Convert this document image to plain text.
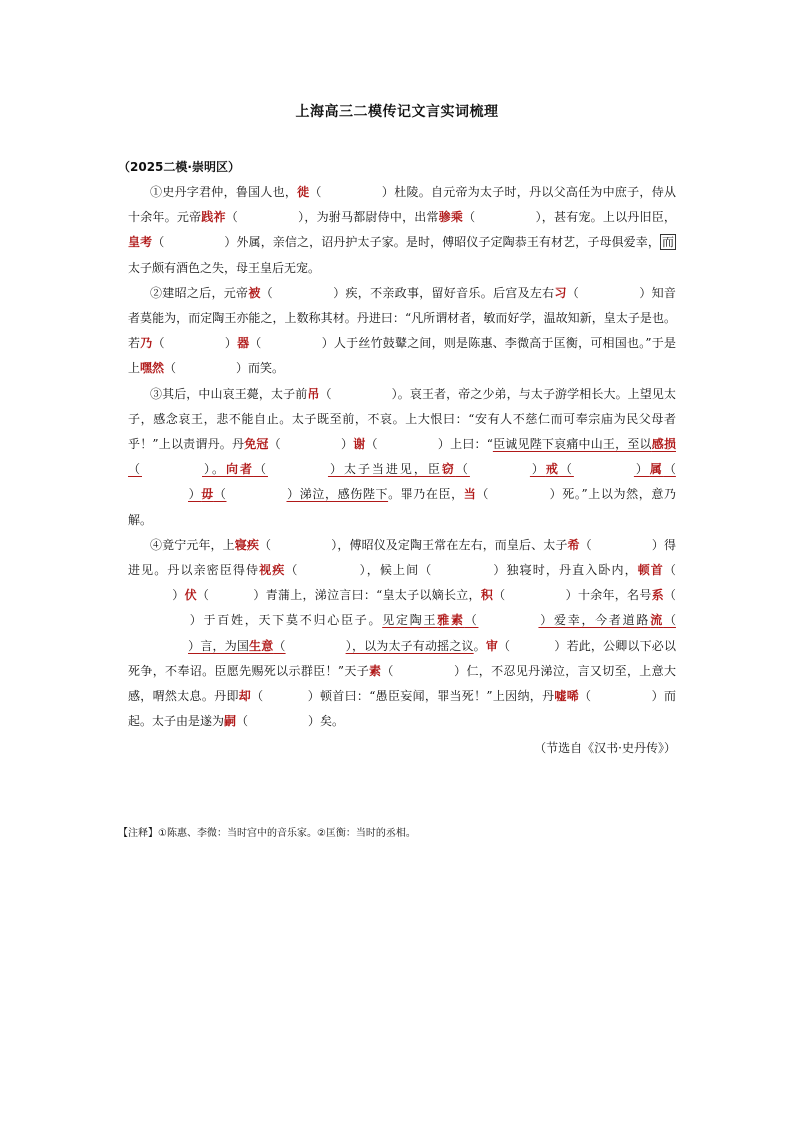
上海高三二模传记文言实词梳理
（2025二模·崇明区）

①史丹字君仲，鲁国人也，徙（	）杜陵。自元帝为太子时，丹以父高任为中庶子，侍从十余年。元帝践祚（	），为驸马都尉侍中，出常骖乘（	），甚有宠。上以丹旧臣，皇考（	）外属，亲信之，诏丹护太子家。是时，傅昭仪子定陶恭王有材艺，子母俱爱幸， 而太子颇有酒色之失，母王皇后无宠。

②建昭之后，元帝被（	）疾，不亲政事，留好音乐。后宫及左右习（	）知音者莫能为，而定陶王亦能之，上数称其材。丹进曰：“凡所谓材者，敏而好学，温故知新，皇太子是也。若乃（	）器（	）人于丝竹鼓鼙之间，则是陈惠、李微高于匡衡，可相国也。”于是上嘿然（	）而笑。

③其后，中山哀王薨，太子前吊（	）。哀王者，帝之少弟，与太子游学相长大。上望见太子，感念哀王，悲不能自止。太子既至前，不哀。上大恨曰：“安有人不慈仁而可奉宗庙为民父母者乎！”上以责谓丹。丹免冠（	）谢（	）上曰：“臣诚见陛下哀痛中山王，至以感损（	）。向者（	）太子当进见，臣窃（	）戒（	）属（）毋（	）涕泣，感伤陛下。罪乃在臣，当（	）死。”上以为然，意乃解。

④竟宁元年，上寝疾（	），傅昭仪及定陶王常在左右，而皇后、太子希（	）得进见。丹以亲密臣得侍视疾（	），候上间（	）独寝时，丹直入卧内，顿首（）伏（	）青蒲上，涕泣言曰：“皇太子以嫡长立，积（	）十余年，名号系（）于百姓，天下莫不归心臣子。见定陶王雅素（	）爱幸，今者道路流（）言，为国生意（	），以为太子有动摇之议。审（	）若此，公卿以下必以死争，不奉诏。臣愿先赐死以示群臣！”天子素（	）仁，不忍见丹涕泣，言又切至，上意大感，喟然太息。丹即却（	）顿首曰：“愚臣妄闻，罪当死！”上因纳，丹嘘唏（	）而起。太子由是遂为嗣（	）矣。

（节选自《汉书·史丹传》）

【注释】①陈惠、李微：当时宫中的音乐家。②匡衡：当时的丞相。
